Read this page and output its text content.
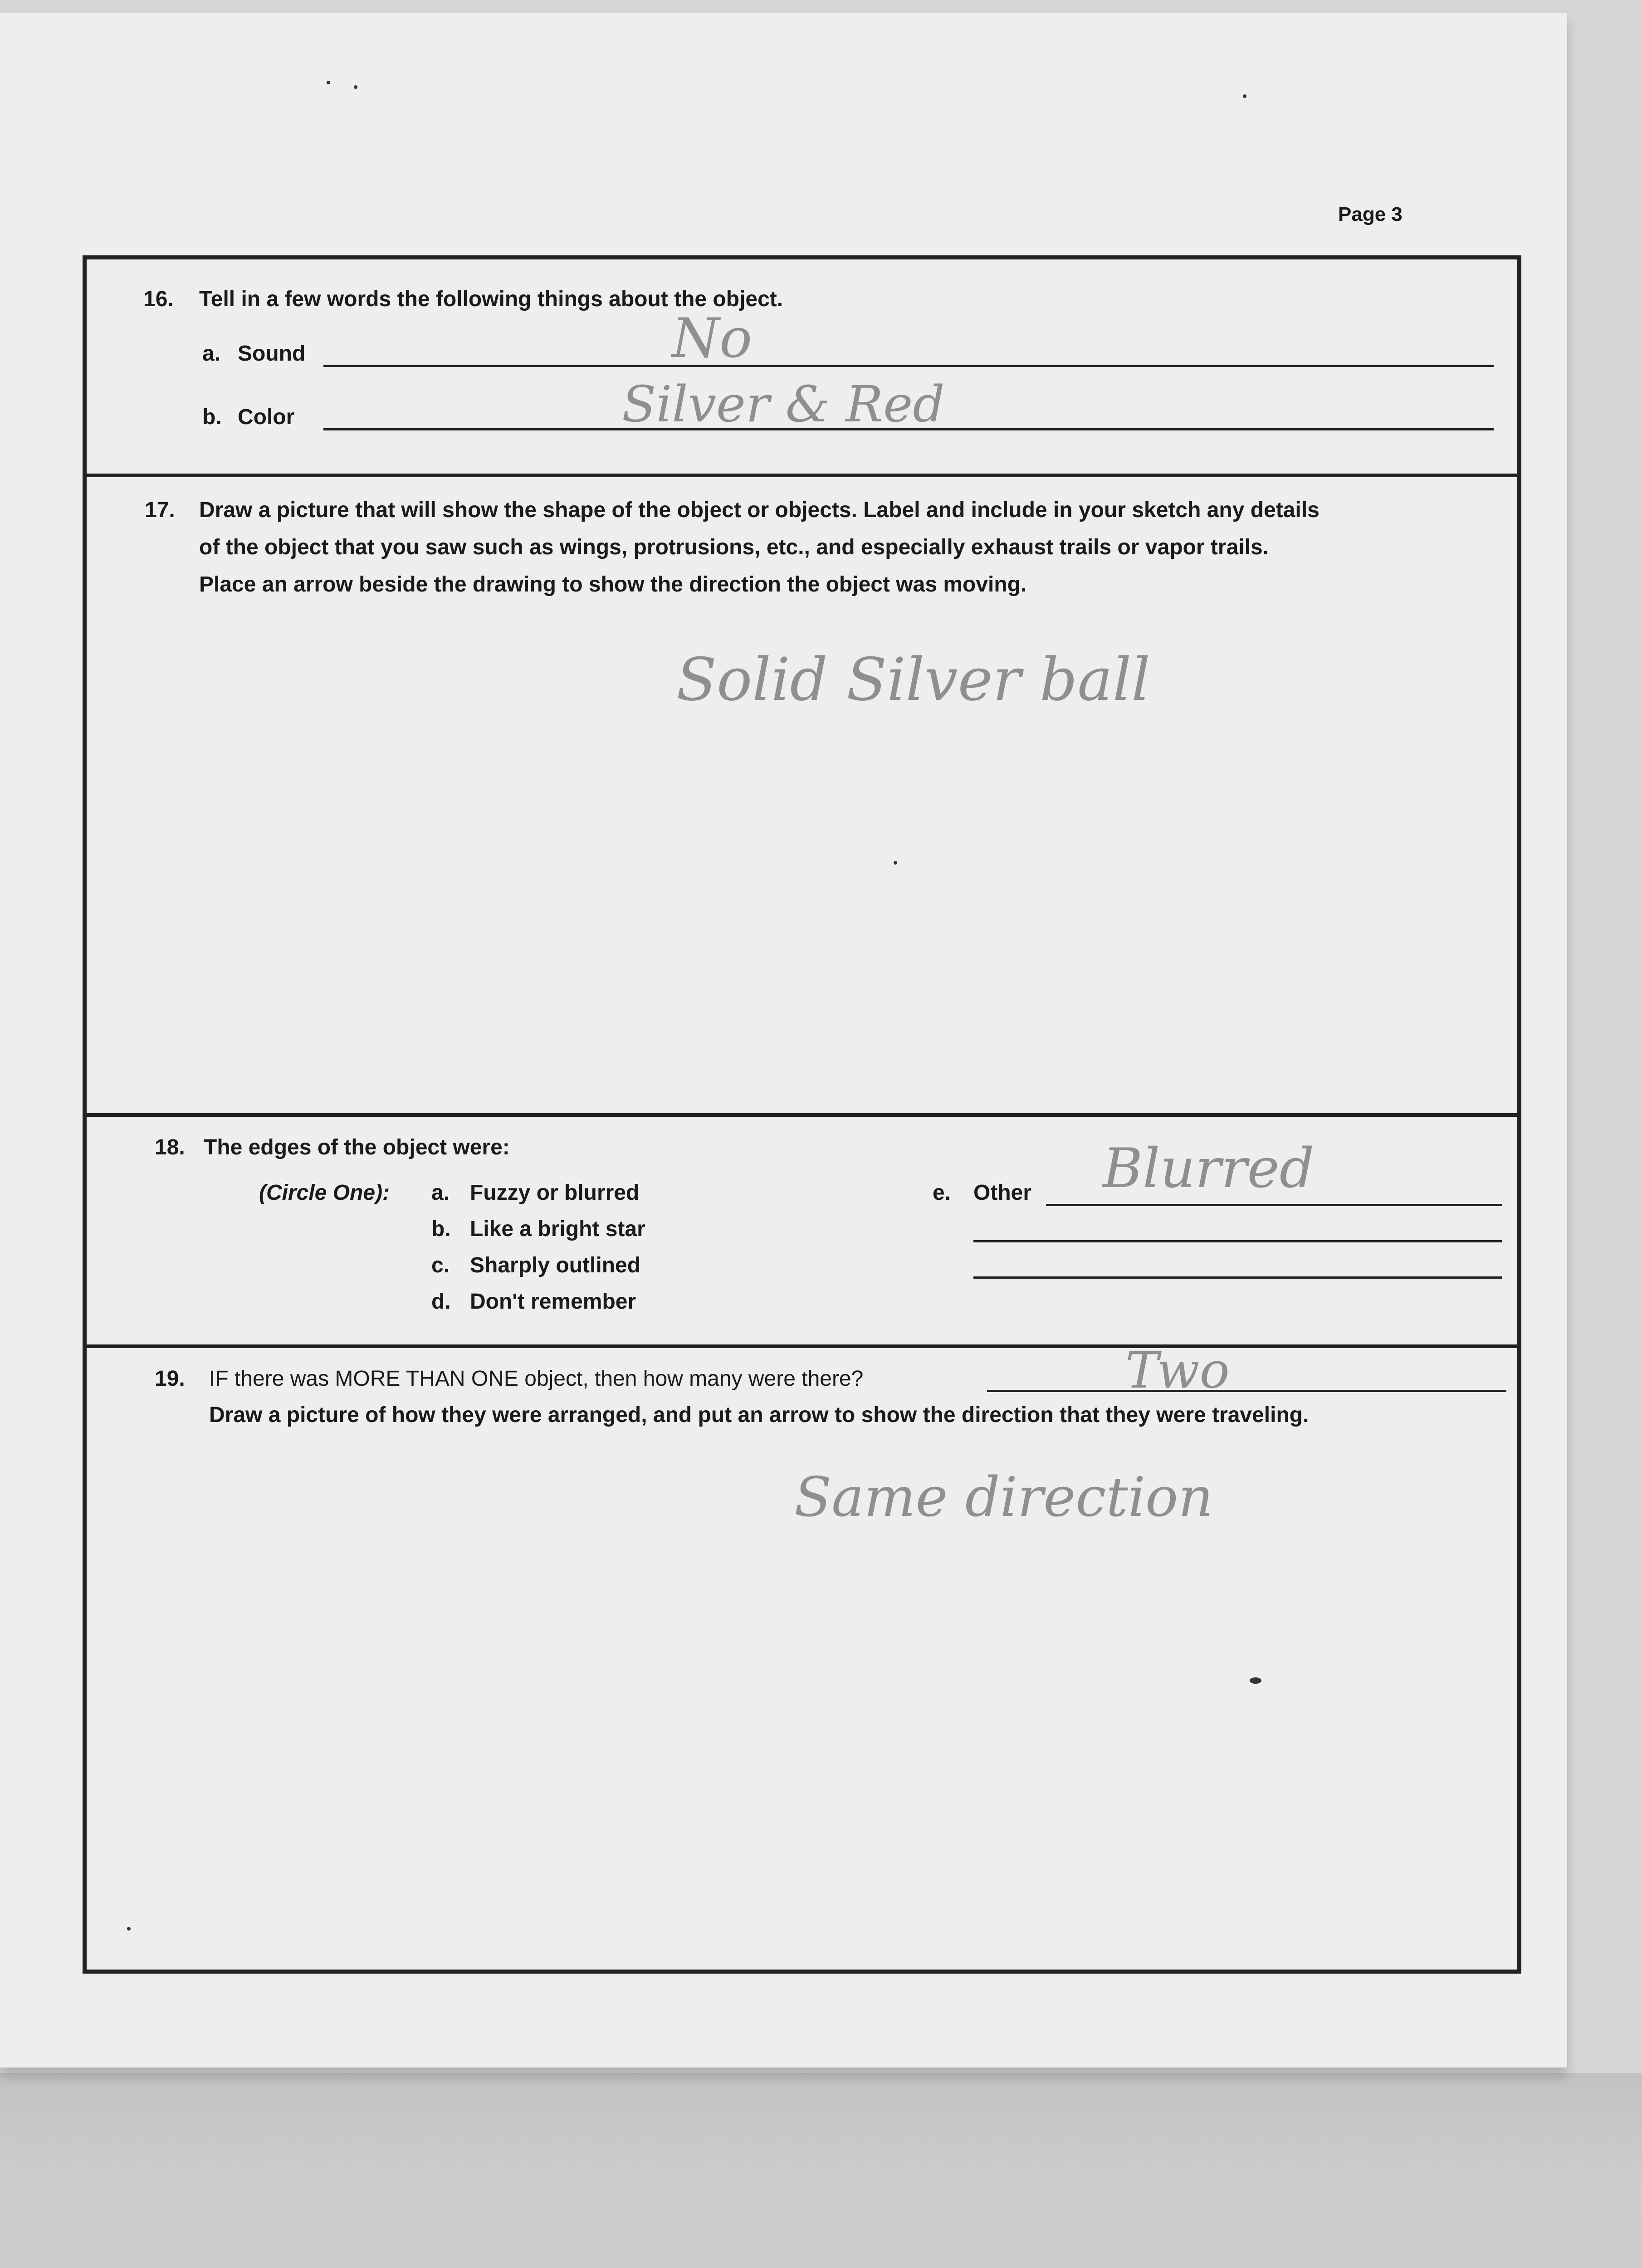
Page 3
16. Tell in a few words the following things about the object.
a. Sound	No
b. Color	Silver & Red
17. Draw a picture that will show the shape of the object or objects. Label and include in your sketch any details
of the object that you saw such as wings, protrusions, etc., and especially exhaust trails or vapor trails.
Place an arrow beside the drawing to show the direction the object was moving.
Solid Silver ball
18. The edges of the object were:
(Circle One): a. Fuzzy or blurred
b. Like a bright star
c. Sharply outlined
d. Don't remember
e. Other Blurred
19. IF there was MORE THAN ONE object, then how many were there?	Two
Draw a picture of how they were arranged, and put an arrow to show the direction that they were traveling.
Same direction
